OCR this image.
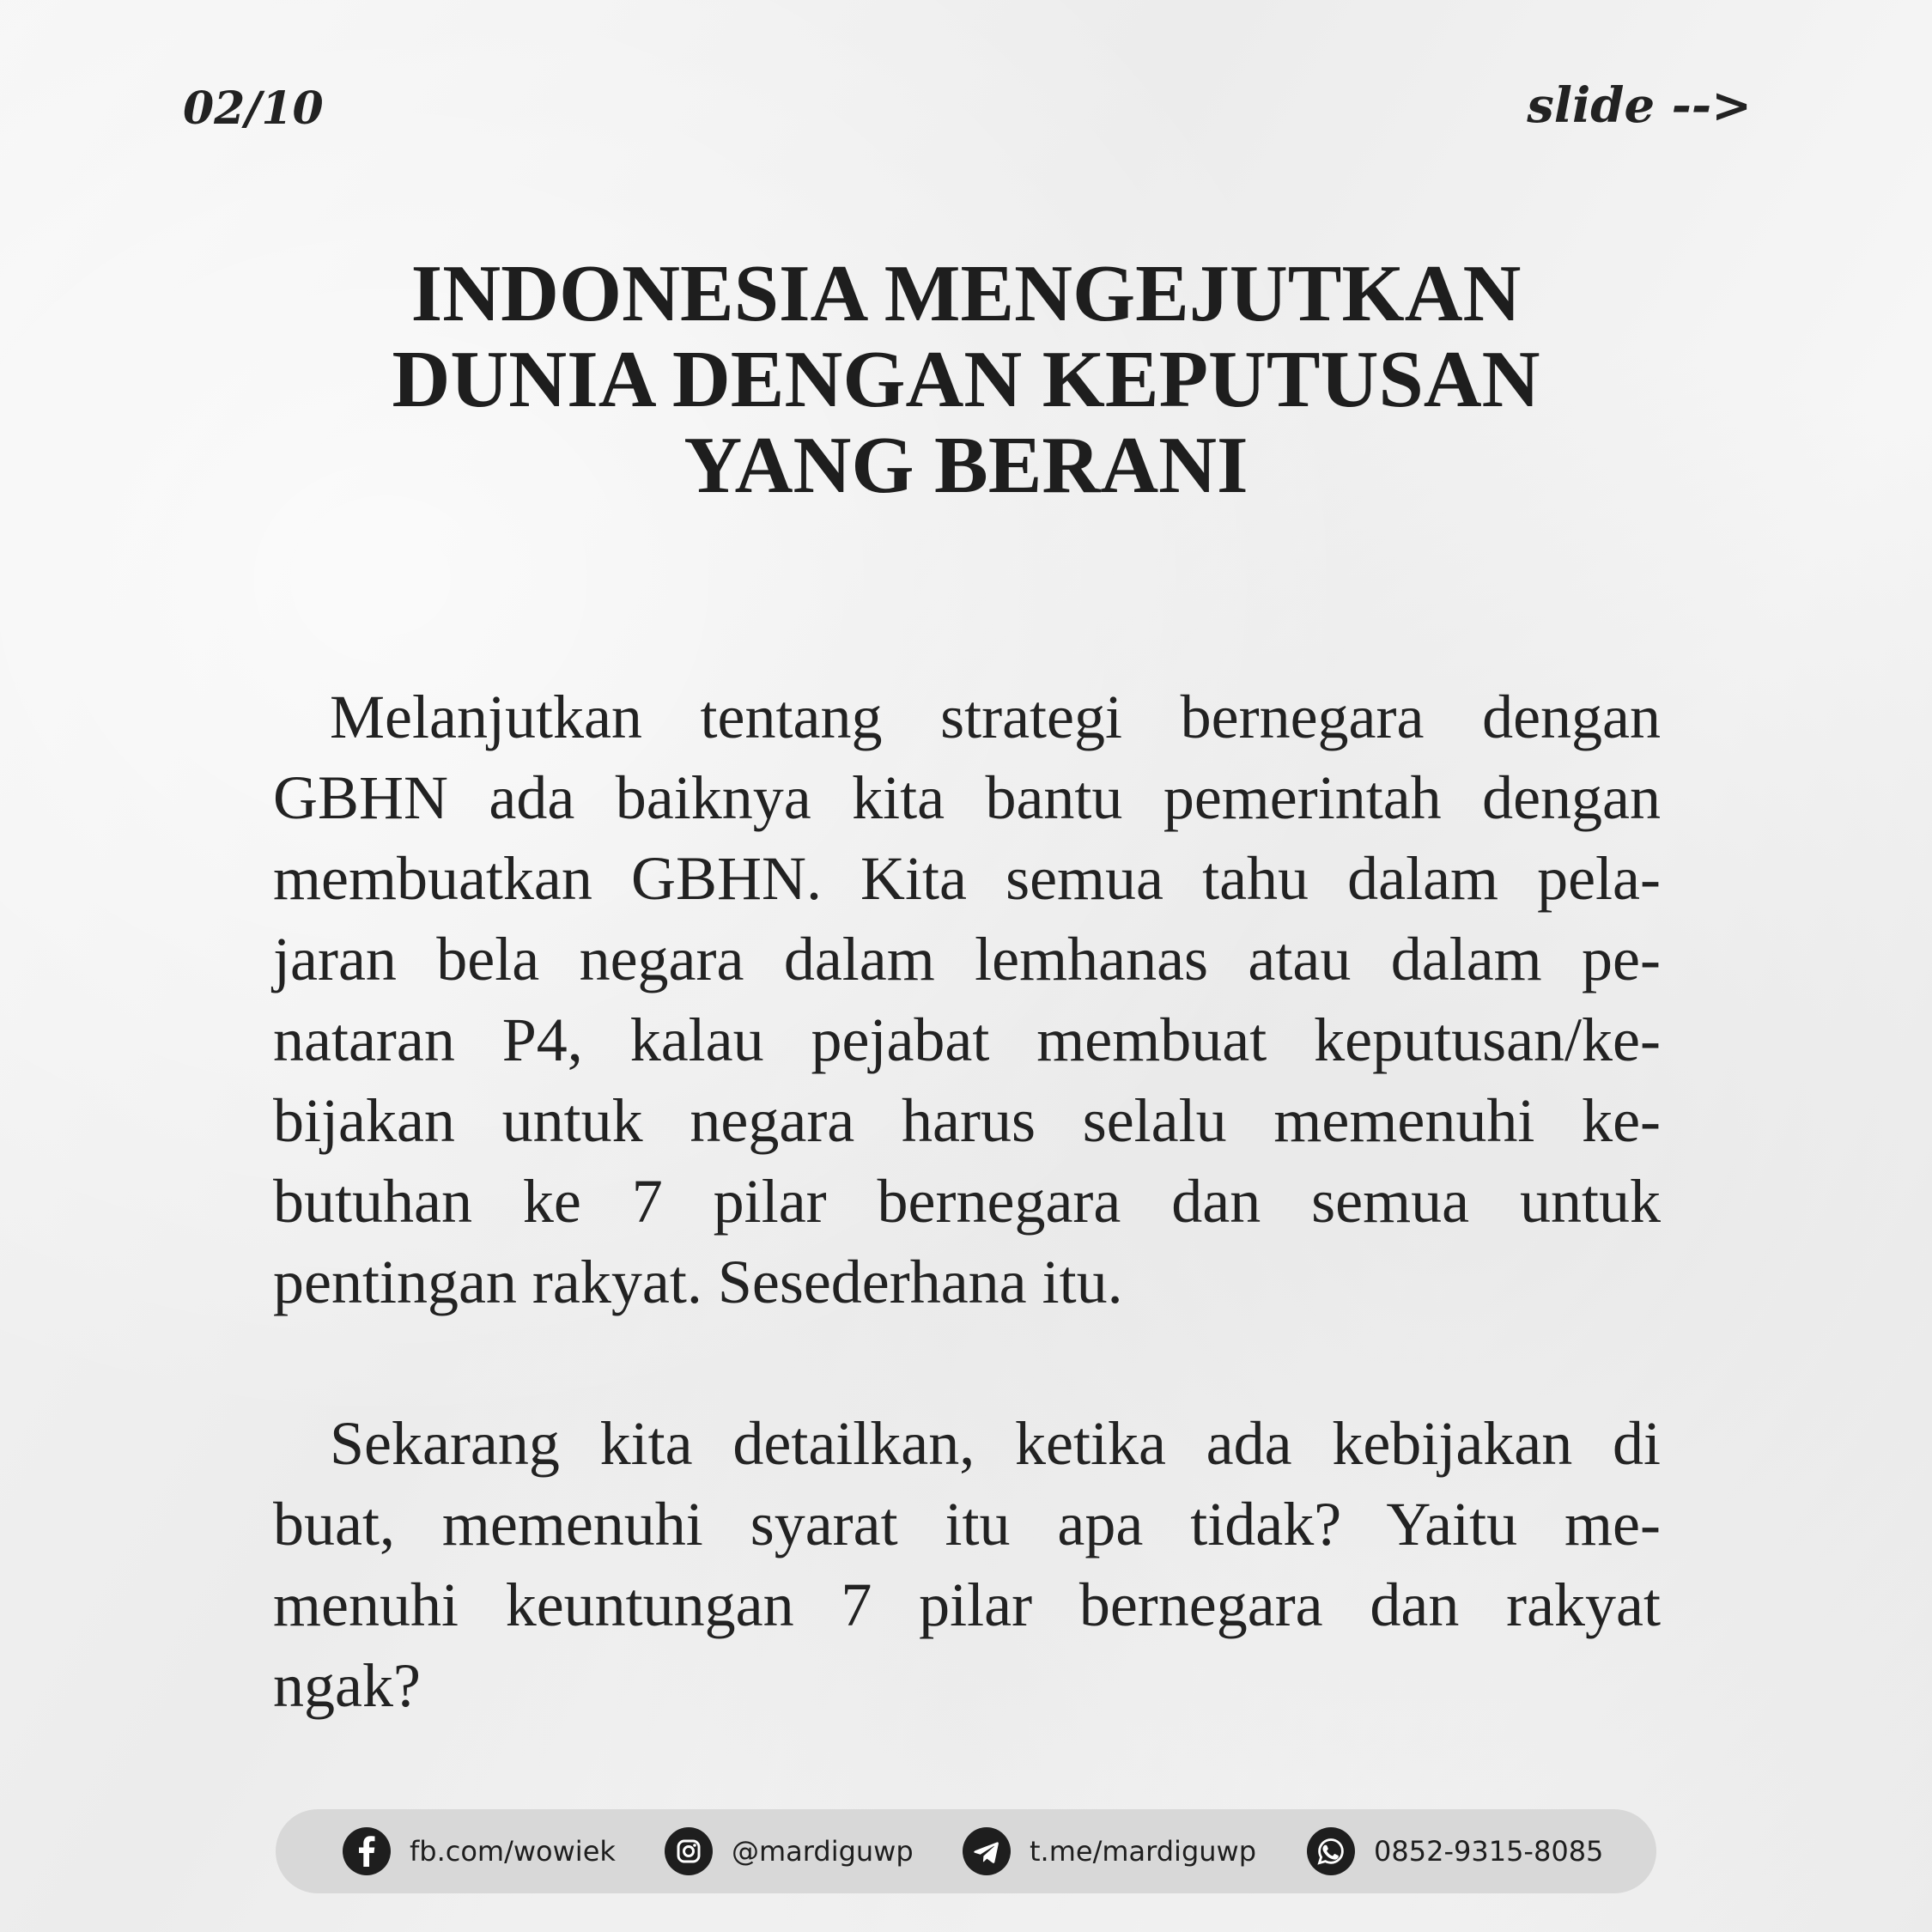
02/10	slide -->
INDONESIA MENGEJUTKAN
DUNIA DENGAN KEPUTUSAN
YANG BERANI

Melanjutkan tentang strategi bernegara dengan
GBHN ada baiknya kita bantu pemerintah dengan
membuatkan GBHN. Kita semua tahu dalam pela-
jaran bela negara dalam lemhanas atau dalam pe-
nataran P4, kalau pejabat membuat keputusan/ke-
bijakan untuk negara harus selalu memenuhi ke-
butuhan ke 7 pilar bernegara dan semua untuk
pentingan rakyat. Sesederhana itu.

Sekarang kita detailkan, ketika ada kebijakan di
buat, memenuhi syarat itu apa tidak? Yaitu me-
menuhi keuntungan 7 pilar bernegara dan rakyat
ngak?

fb.com/wowiek	@mardiguwp	t.me/mardiguwp	0852-9315-8085
